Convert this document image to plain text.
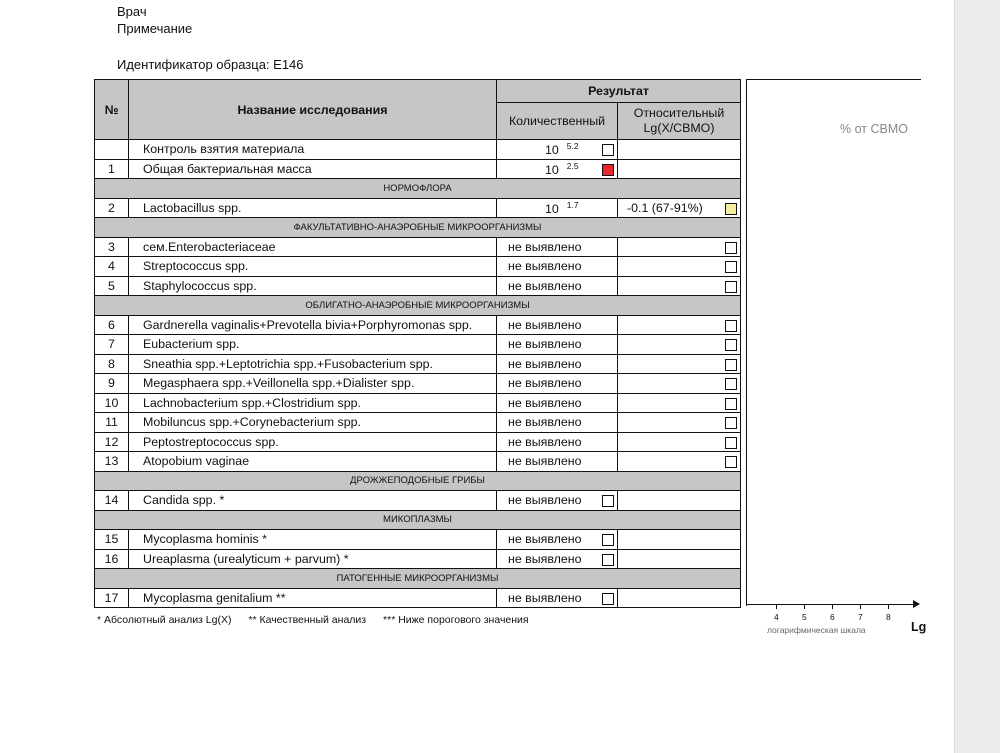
Врач
Примечание
Идентификатор образца: Е146
№	Название исследования	Результат	
		Количественный	Относительный
Lg(X/СВМО)
	Контроль взятия материала	10 $^{5.2}$

1	Общая бактериальная масса	10 $^{2.5}$

НОРМОФЛОРА			
2	Lactobacillus spp.	10 $^{1.7}$	-0.1 (67-91%)

ФАКУЛЬТАТИВНО-АНАЭРОБНЫЕ МИКРООРГАНИЗМЫ			
3	сем.Enterobacteriaceae	не выявлено	

4	Streptococcus spp.	не выявлено	

5	Staphylococcus spp.	не выявлено	

ОБЛИГАТНО-АНАЭРОБНЫЕ МИКРООРГАНИЗМЫ			
6	Gardnerella vaginalis+Prevotella bivia+Porphyromonas spp.	не выявлено	

7	Eubacterium spp.	не выявлено	

8	Sneathia spp.+Leptotrichia spp.+Fusobacterium spp.	не выявлено	

9	Megasphaera spp.+Veillonella spp.+Dialister spp.	не выявлено	

10	Lachnobacterium spp.+Clostridium spp.	не выявлено	

11	Mobiluncus spp.+Corynebacterium spp.	не выявлено	

12	Peptostreptococcus spp.	не выявлено	

13	Atopobium vaginae	не выявлено	

ДРОЖЖЕПОДОБНЫЕ ГРИБЫ			
14	Candida spp. *	не выявлено

МИКОПЛАЗМЫ			
15	Mycoplasma hominis *	не выявлено

16	Ureaplasma (urealyticum + parvum) *	не выявлено

ПАТОГЕННЫЕ МИКРООРГАНИЗМЫ			
17	Mycoplasma genitalium **	не выявлено

% от СВМО
4	5	6	7	8
логарифмическая шкала	Lg
* Абсолютный анализ Lg(X) ** Качественный анализ *** Ниже порогового значения
